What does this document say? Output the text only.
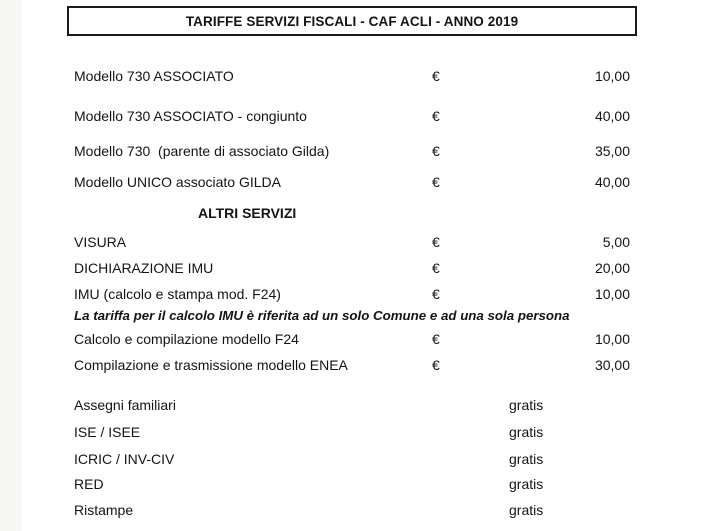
TARIFFE SERVIZI FISCALI - CAF ACLI - ANNO 2019
Modello 730 ASSOCIATO	€	10,00
Modello 730 ASSOCIATO - congiunto	€	40,00
Modello 730  (parente di associato Gilda)	€	35,00
Modello UNICO associato GILDA	€	40,00
ALTRI SERVIZI
VISURA	€	5,00
DICHIARAZIONE IMU	€	20,00
IMU (calcolo e stampa mod. F24)	€	10,00
La tariffa per il calcolo IMU è riferita ad un solo Comune e ad una sola persona
Calcolo e compilazione modello F24	€	10,00
Compilazione e trasmissione modello ENEA	€	30,00
Assegni familiari	gratis
ISE / ISEE	gratis
ICRIC / INV-CIV	gratis
RED	gratis
Ristampe	gratis
